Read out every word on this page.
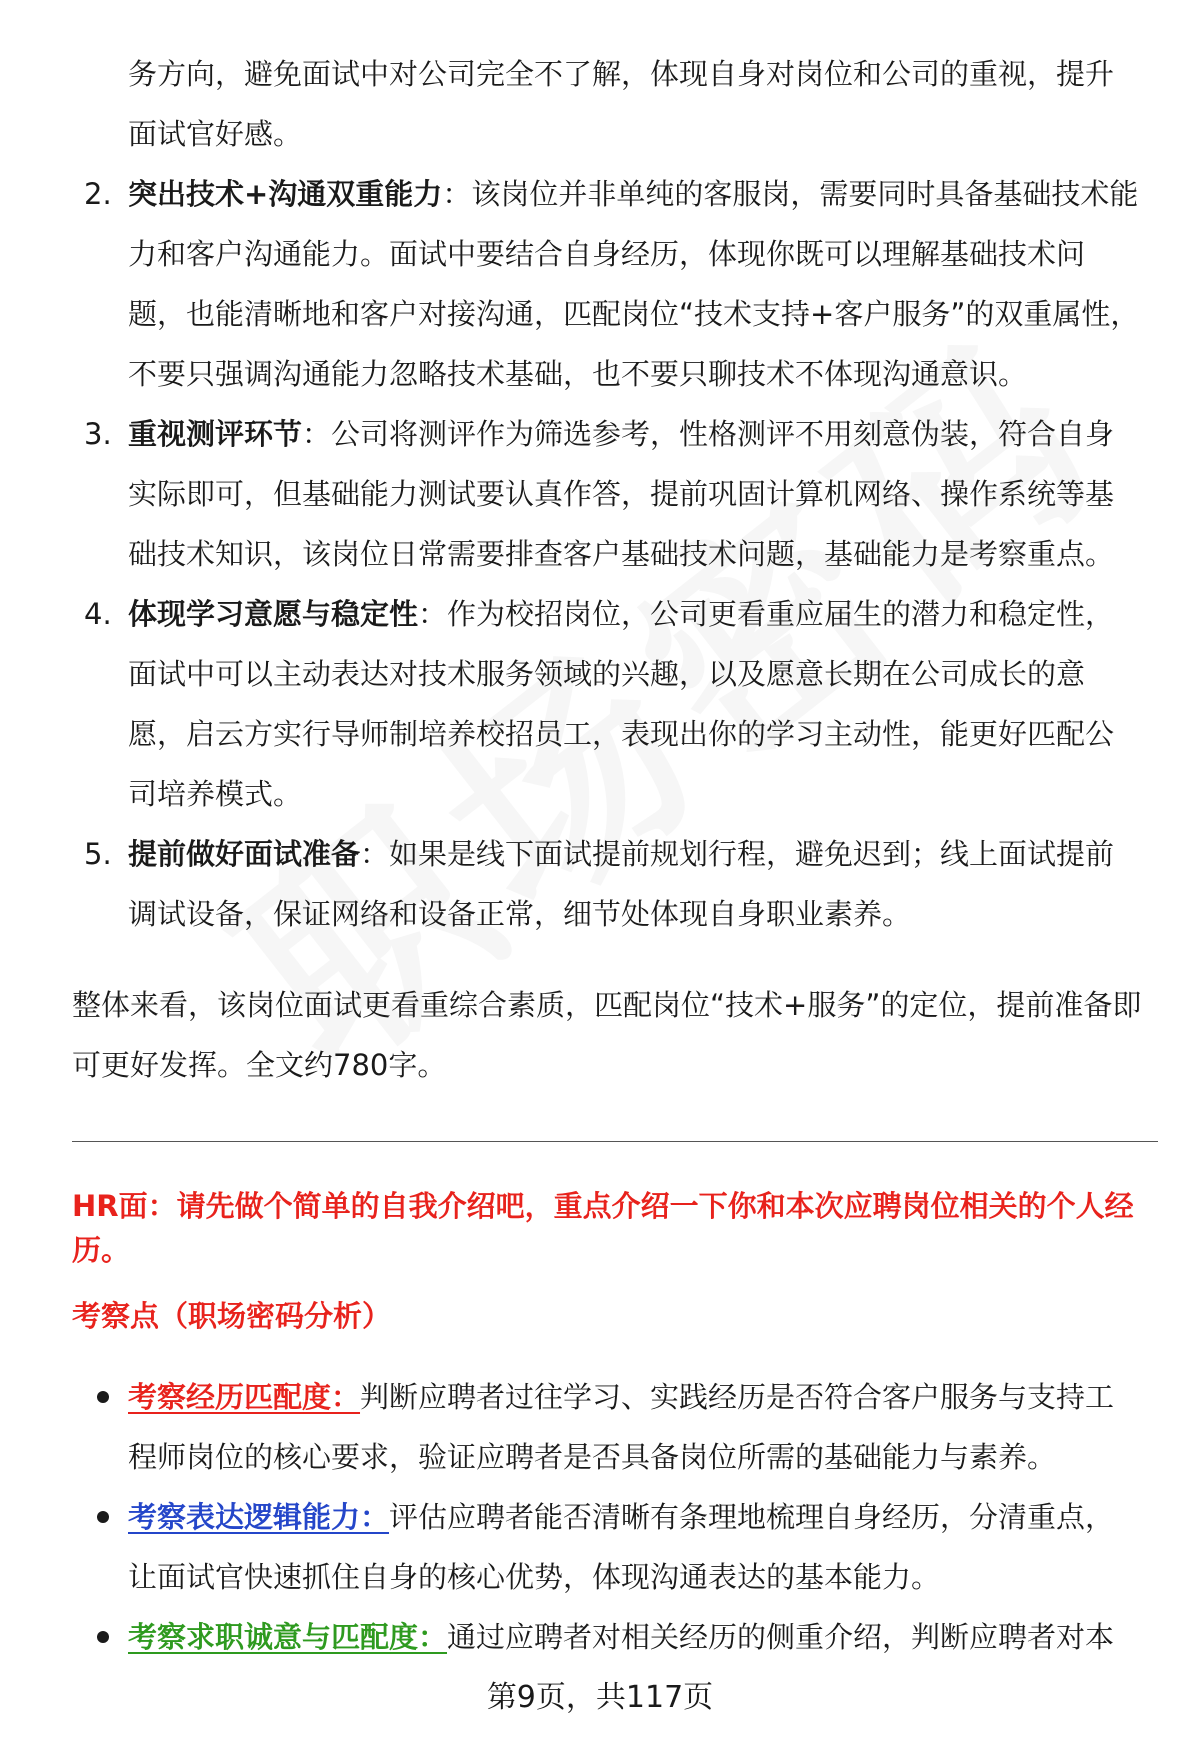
务方向，避免面试中对公司完全不了解，体现自身对岗位和公司的重视，提升面试官好感。
2. 突出技术+沟通双重能力：该岗位并非单纯的客服岗，需要同时具备基础技术能力和客户沟通能力。面试中要结合自身经历，体现你既可以理解基础技术问题，也能清晰地和客户对接沟通，匹配岗位“技术支持+客户服务”的双重属性，不要只强调沟通能力忽略技术基础，也不要只聊技术不体现沟通意识。
3. 重视测评环节：公司将测评作为筛选参考，性格测评不用刻意伪装，符合自身实际即可，但基础能力测试要认真作答，提前巩固计算机网络、操作系统等基础技术知识，该岗位日常需要排查客户基础技术问题，基础能力是考察重点。
4. 体现学习意愿与稳定性：作为校招岗位，公司更看重应届生的潜力和稳定性，面试中可以主动表达对技术服务领域的兴趣，以及愿意长期在公司成长的意愿，启云方实行导师制培养校招员工，表现出你的学习主动性，能更好匹配公司培养模式。
5. 提前做好面试准备：如果是线下面试提前规划行程，避免迟到；线上面试提前调试设备，保证网络和设备正常，细节处体现自身职业素养。
整体来看，该岗位面试更看重综合素质，匹配岗位“技术+服务”的定位，提前准备即可更好发挥。全文约780字。
HR面：请先做个简单的自我介绍吧，重点介绍一下你和本次应聘岗位相关的个人经历。
考察点（职场密码分析）
考察经历匹配度：判断应聘者过往学习、实践经历是否符合客户服务与支持工程师岗位的核心要求，验证应聘者是否具备岗位所需的基础能力与素养。
考察表达逻辑能力：评估应聘者能否清晰有条理地梳理自身经历，分清重点，让面试官快速抓住自身的核心优势，体现沟通表达的基本能力。
考察求职诚意与匹配度：通过应聘者对相关经历的侧重介绍，判断应聘者对本
第9页，共117页
